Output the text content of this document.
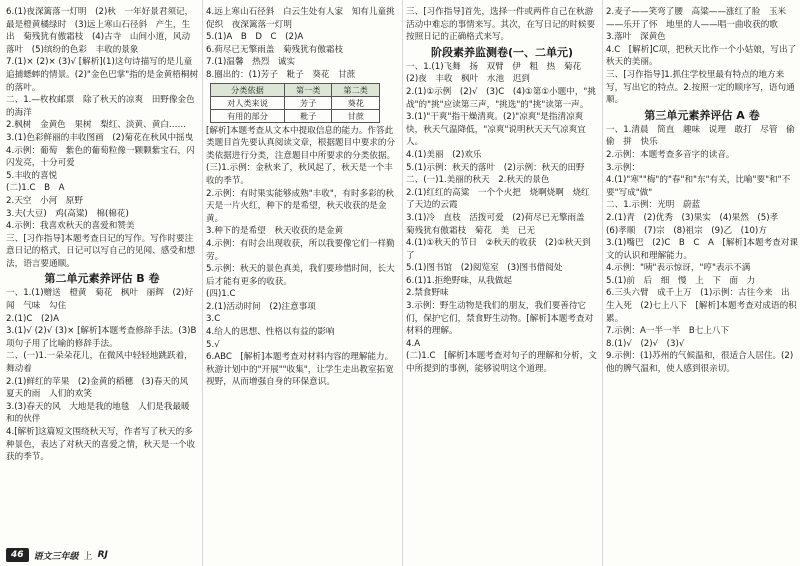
6.(1)夜深篱落一灯明　(2)秋　一年好景君须记，最是橙黄橘绿时　(3)远上寒山石径斜　产生，生出　菊残犹有傲霜枝　(4)古寺　山间小道，风动落叶　(5)缤纷的色彩　丰收的景象

7.(1)× (2)× (3)√ [解析](1)这句诗描写的是儿童追捕蟋蟀的情景。(2)"金色巴掌"指的是金黄梧桐树的落叶。

二、1.—枚枚邮票　除了秋天的凉爽　田野像金色的海洋

2.枫树　金黄色　果树　梨红、淡黄、黄白……

3.(1)色彩鲜丽的丰收图画　(2)菊花在秋风中摇曳

4.示例：葡萄　紫色的葡萄粒像一颗颗紫宝石，闪闪发亮，十分可爱

5.丰收的喜悦

(二)1.C　B　A

2.天空　小河　原野

3.夫(大豆)　鸡(高粱)　棉(棉花)

4.示例：我喜欢秋天的喜爱和赞美

三、[习作指导]本题考查日记的写作。写作时要注意日记的格式，日记可以写自己的见闻、感受和想法，语言要通顺。

第二单元素养评估 B 卷

一、1.(1)赠送　橙黄　菊花　枫叶　丽辉　(2)好闻　气味　勾住

2.(1)C　(2)A

3.(1)√ (2)√ (3)× [解析]本题考查修辞手法。(3)B项句子用了比喻的修辞手法。

二、(一)1.一朵朵花儿，在微风中轻轻地跳跃着，舞动着

2.(1)鲜红的苹果　(2)金黄的稻穗　(3)春天的风　夏天的雨　人们的欢笑

3.(3)春天的风　大地是我的地毯　人们是我最暖和的伙伴

4.[解析]这篇短文围绕秋天写，作者写了秋天的多种景色，表达了对秋天的喜爱之情，秋天是一个收获的季节。

4.远上寒山石径斜　白云生处有人家　知有儿童挑促织　夜深篱落一灯明

5.(1)A　B　D　C　(2)A

6.荷尽已无擎雨盖　菊残犹有傲霜枝

7.(1)温馨　热烈　诚实

8.圈出的：(1)芳子　粃子　葵花　甘蔗

分类依据	第一类	第二类
对人类来说	芳子	葵花
有用的部分	粃子	甘蔗

[解析]本题考查从文本中提取信息的能力。作答此类题目首先要认真阅读文章，根据题目中要求的分类依据进行分类，注意题目中所要求的分类依据。

(三)1.示例：金秋来了，秋风起了，秋天是一个丰收的季节。

2.示例：有时果实能够成熟"丰收"，有时多彩的秋天是一片火红，种下的是希望，秋天收获的是金黄。

3.种下的是希望　秋天收获的是金黄

4.示例：有时会出现收获，所以我要像它们一样勤劳。

5.示例：秋天的景色真美，我们要珍惜时间，长大后才能有更多的收获。

(四)1.C

2.(1)活动时间　(2)注意事项

3.C

4.给人的思想、性格以有益的影响

5.√

6.ABC　[解析]本题考查对材料内容的理解能力。秋游计划中的"开展""收集"，让学生走出教室拓宽视野，从而增强自身的环保意识。

三、[习作指导]首先，选择一件或两件自己在秋游活动中难忘的事情来写。其次，在写日记的时候要按照日记的正确格式来写。

阶段素养监测卷(一、二单元)

一、1.(1)飞舞　扬　双臂　伊　粗　热　菊花　(2)夜　丰收　枫叶　水池　迟到

2.(1)①示例　(2)√　(3)C　(4)①第①小题中，"挑战"的"挑"应读第三声，"挑选"的"挑"读第一声。

3.(1)"干爽"指干燥清爽。(2)"凉爽"是指清凉爽快，秋天气温降低，"凉爽"说明秋天天气凉爽宜人。

4.(1)美丽　(2)欢乐

5.(1)示例：秋天的落叶　(2)示例：秋天的田野

二、(一)1.美丽的秋天　2.秋天的景色

2.(1)红红的高粱　一个个火把　烧啊烧啊　烧红了天边的云霞

3.(1)冷　直枝　活拨可爱　(2)荷尽已无擎雨盖　菊残犹有傲霜枝　菊花　美　已无

4.(1)①秋天的节日　②秋天的收获　(2)①秋天到了

5.(1)图书馆　(2)阅览室　(3)图书借阅处

6.(1)1.拒绝野味，从我做起

2.禁食野味

3.示例：野生动物是我们的朋友，我们要善待它们，保护它们，禁食野生动物。[解析]本题考查对材料的理解。

4.A

(二)1.C　[解析]本题考查对句子的理解和分析，文中所提到的事例，能够说明这个道理。

2.麦子——笑弯了腰　高粱——涨红了脸　玉米——乐开了怀　地里的人——唱一曲收获的歌

3.落叶　深黄色

4.C　[解析]C项，把秋天比作一个小姑娘，写出了秋天的美丽。

三、[习作指导]1.抓住学校里最有特点的地方来写，写出它的特点。2.按照一定的顺序写，语句通顺。

第三单元素养评估 A 卷

一、1.清晨　简直　趣味　说理　敢打　尽管　偷偷　拼　快乐

2.示例：本题考查多音字的读音。

3.示例：

4.(1)"寒""梅"的"春"和"东"有关，比喻"要"和"不要"写成"做"

二、1.示例：光明　蔚蓝

2.(1)青　(2)优秀　(3)果实　(4)果然　(5)孝　(6)孝顺　(7)宗　(8)祖宗　(9)乙　(10)方

3.(1)嘴巴　(2)C　B　C　A　[解析]本题考查对课文的认识和理解能力。

4.示例："咦"表示惊讶，"哼"表示不满

5.(1)前　后　细　慢　上　下　面　力

6.三头六臂　成千上万　(1)示例：古往今来　出生入死　(2)七上八下　[解析]本题考查对成语的积累。

7.示例：A一半一半　B七上八下

8.(1)√　(2)√　(3)√

9.示例：(1)苏州的气候温和，很适合人居住。(2)他的脾气温和，使人感到很亲切。

46	语文三年级 上 RJ
